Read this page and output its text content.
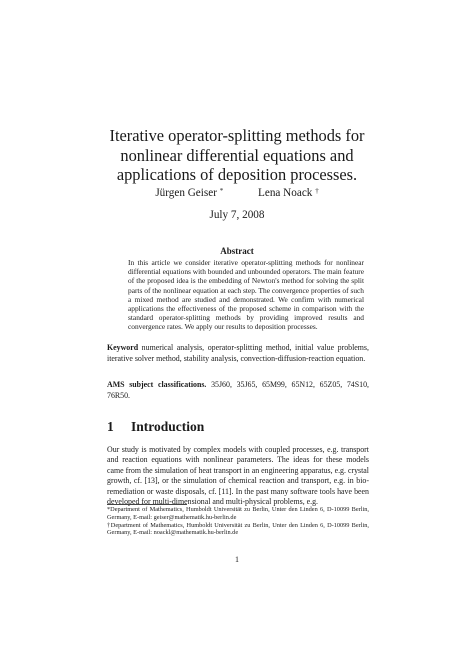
Iterative operator-splitting methods for nonlinear differential equations and applications of deposition processes.
Jürgen Geiser *	Lena Noack †
July 7, 2008
Abstract
In this article we consider iterative operator-splitting methods for nonlinear differential equations with bounded and unbounded operators. The main feature of the proposed idea is the embedding of Newton's method for solving the split parts of the nonlinear equation at each step. The convergence properties of such a mixed method are studied and demonstrated. We confirm with numerical applications the effectiveness of the proposed scheme in comparison with the standard operator-splitting methods by providing improved results and convergence rates. We apply our results to deposition processes.
Keyword numerical analysis, operator-splitting method, initial value problems, iterative solver method, stability analysis, convection-diffusion-reaction equation.
AMS subject classifications. 35J60, 35J65, 65M99, 65N12, 65Z05, 74S10, 76R50.
1 Introduction
Our study is motivated by complex models with coupled processes, e.g. transport and reaction equations with nonlinear parameters. The ideas for these models came from the simulation of heat transport in an engineering apparatus, e.g. crystal growth, cf. [13], or the simulation of chemical reaction and transport, e.g. in bio-remediation or waste disposals, cf. [11]. In the past many software tools have been developed for multi-dimensional and multi-physical problems, e.g.

*Department of Mathematics, Humboldt Universität zu Berlin, Unter den Linden 6, D-10099 Berlin, Germany, E-mail: geiser@mathematik.hu-berlin.de

†Department of Mathematics, Humboldt Universität zu Berlin, Unter den Linden 6, D-10099 Berlin, Germany, E-mail: noackl@mathematik.hu-berlin.de

1
